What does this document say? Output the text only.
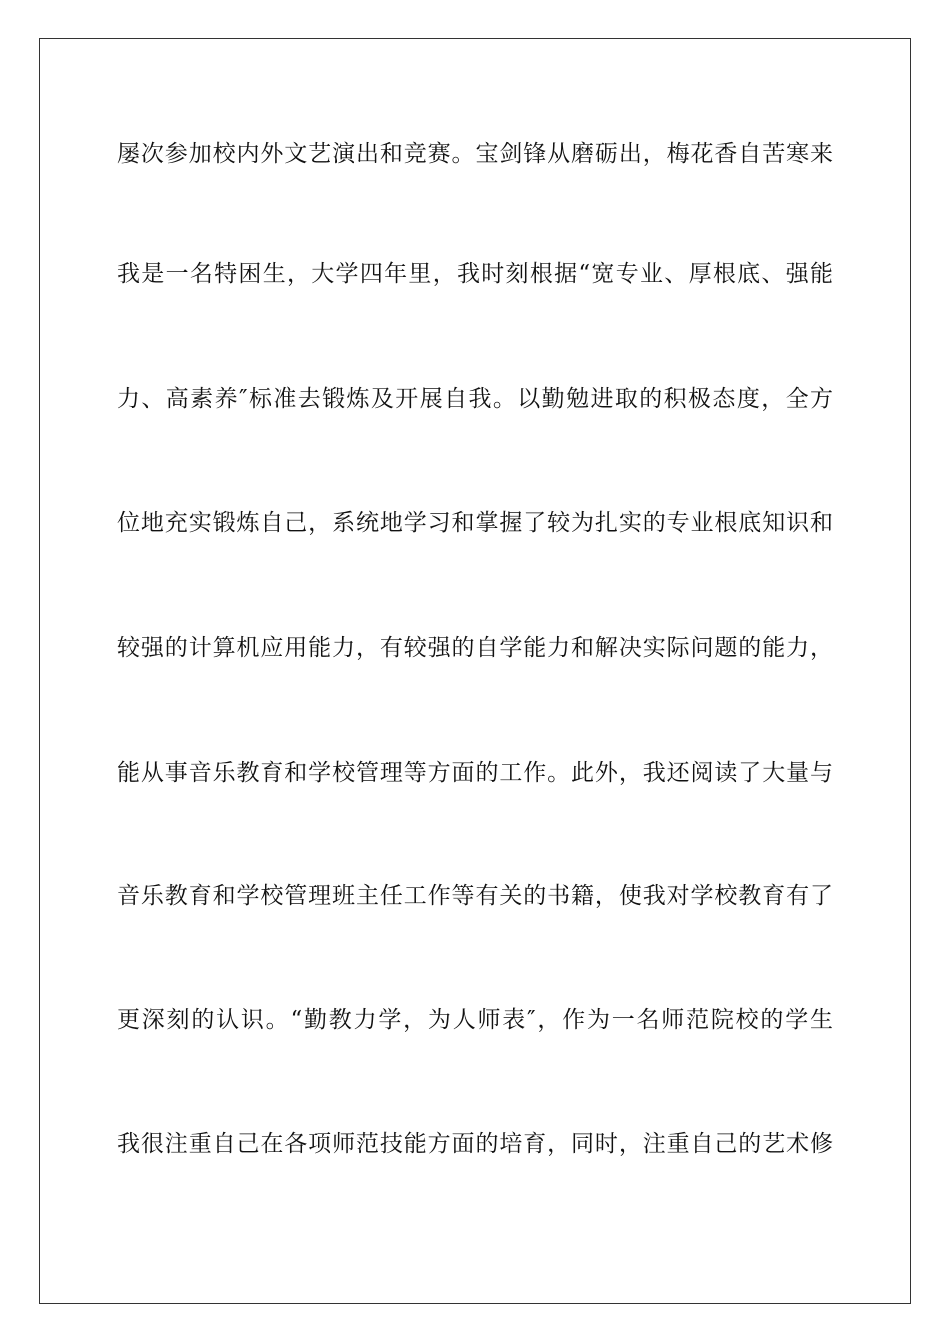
屡次参加校内外文艺演出和竞赛。宝剑锋从磨砺出，梅花香自苦寒来
我是一名特困生，大学四年里，我时刻根据“宽专业、厚根底、强能
力、高素养″标准去锻炼及开展自我。以勤勉进取的积极态度，全方
位地充实锻炼自己，系统地学习和掌握了较为扎实的专业根底知识和
较强的计算机应用能力，有较强的自学能力和解决实际问题的能力，
能从事音乐教育和学校管理等方面的工作。此外，我还阅读了大量与
音乐教育和学校管理班主任工作等有关的书籍，使我对学校教育有了
更深刻的认识。“勤教力学，为人师表″，作为一名师范院校的学生
我很注重自己在各项师范技能方面的培育，同时，注重自己的艺术修
